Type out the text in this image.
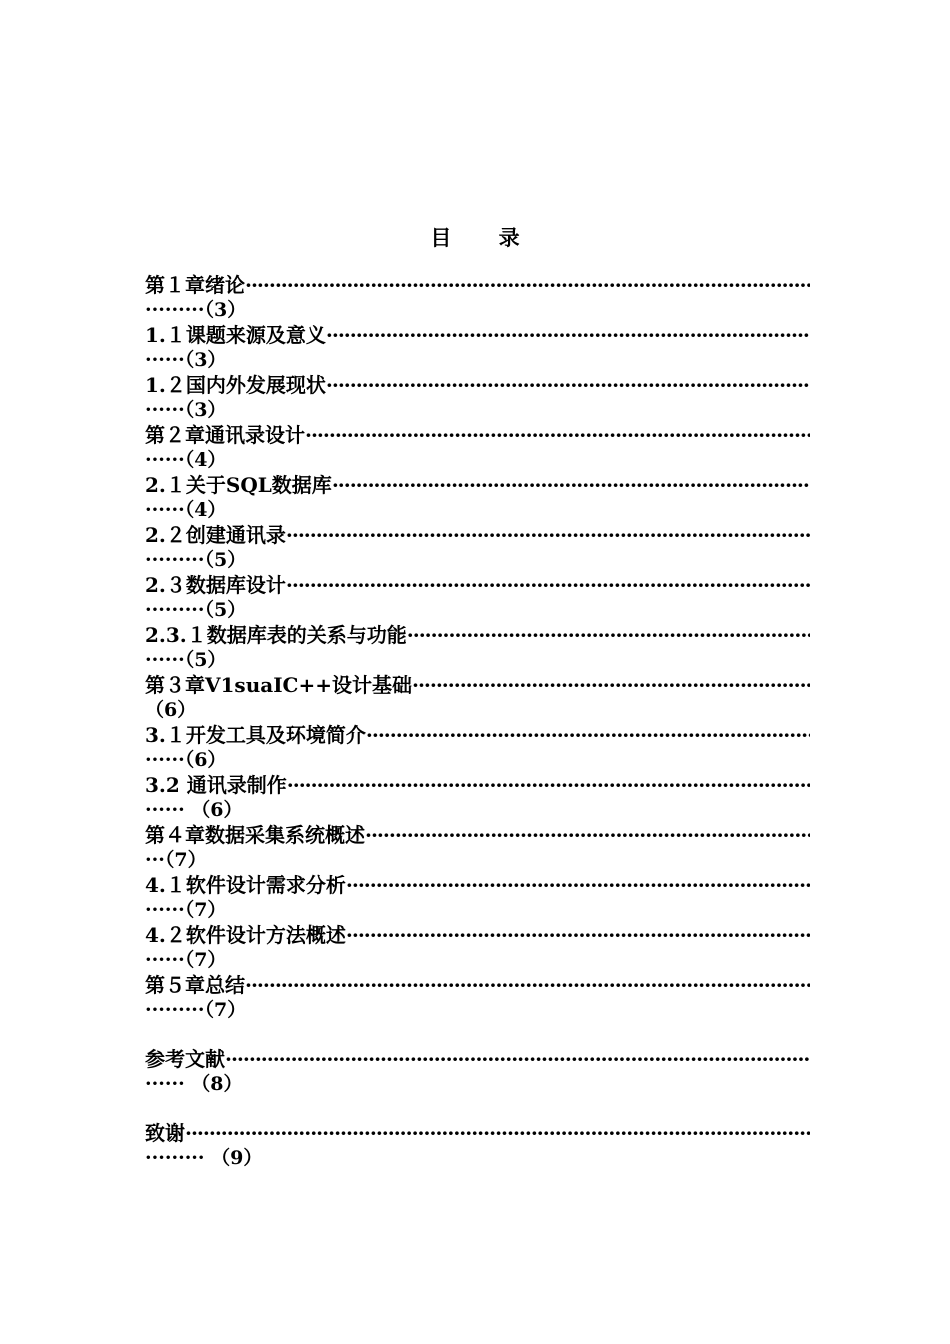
目 录
第１章绪论
·····
·········（3）
1.１课题来源及意义
·····
······（3）
1.２国内外发展现状
·····
······（3）
第２章通讯录设计
·····
······（4）
2.１关于SQL数据库
·····
······（4）
2.２创建通讯录
·····
·········（5）
2.３数据库设计
·····
·········（5）
2.3.１数据库表的关系与功能
·····
······（5）
第３章V1suaIC++设计基础
·····
（6）
3.１开发工具及环境简介
·····
······（6）
3.2 通讯录制作
·····
······ （6）
第４章数据采集系统概述
·····
···（7）
4.１软件设计需求分析
·····
······（7）
4.２软件设计方法概述
·····
······（7）
第５章总结
·····
·········（7）
参考文献
·····
······ （8）
致谢
·····
········· （9）
